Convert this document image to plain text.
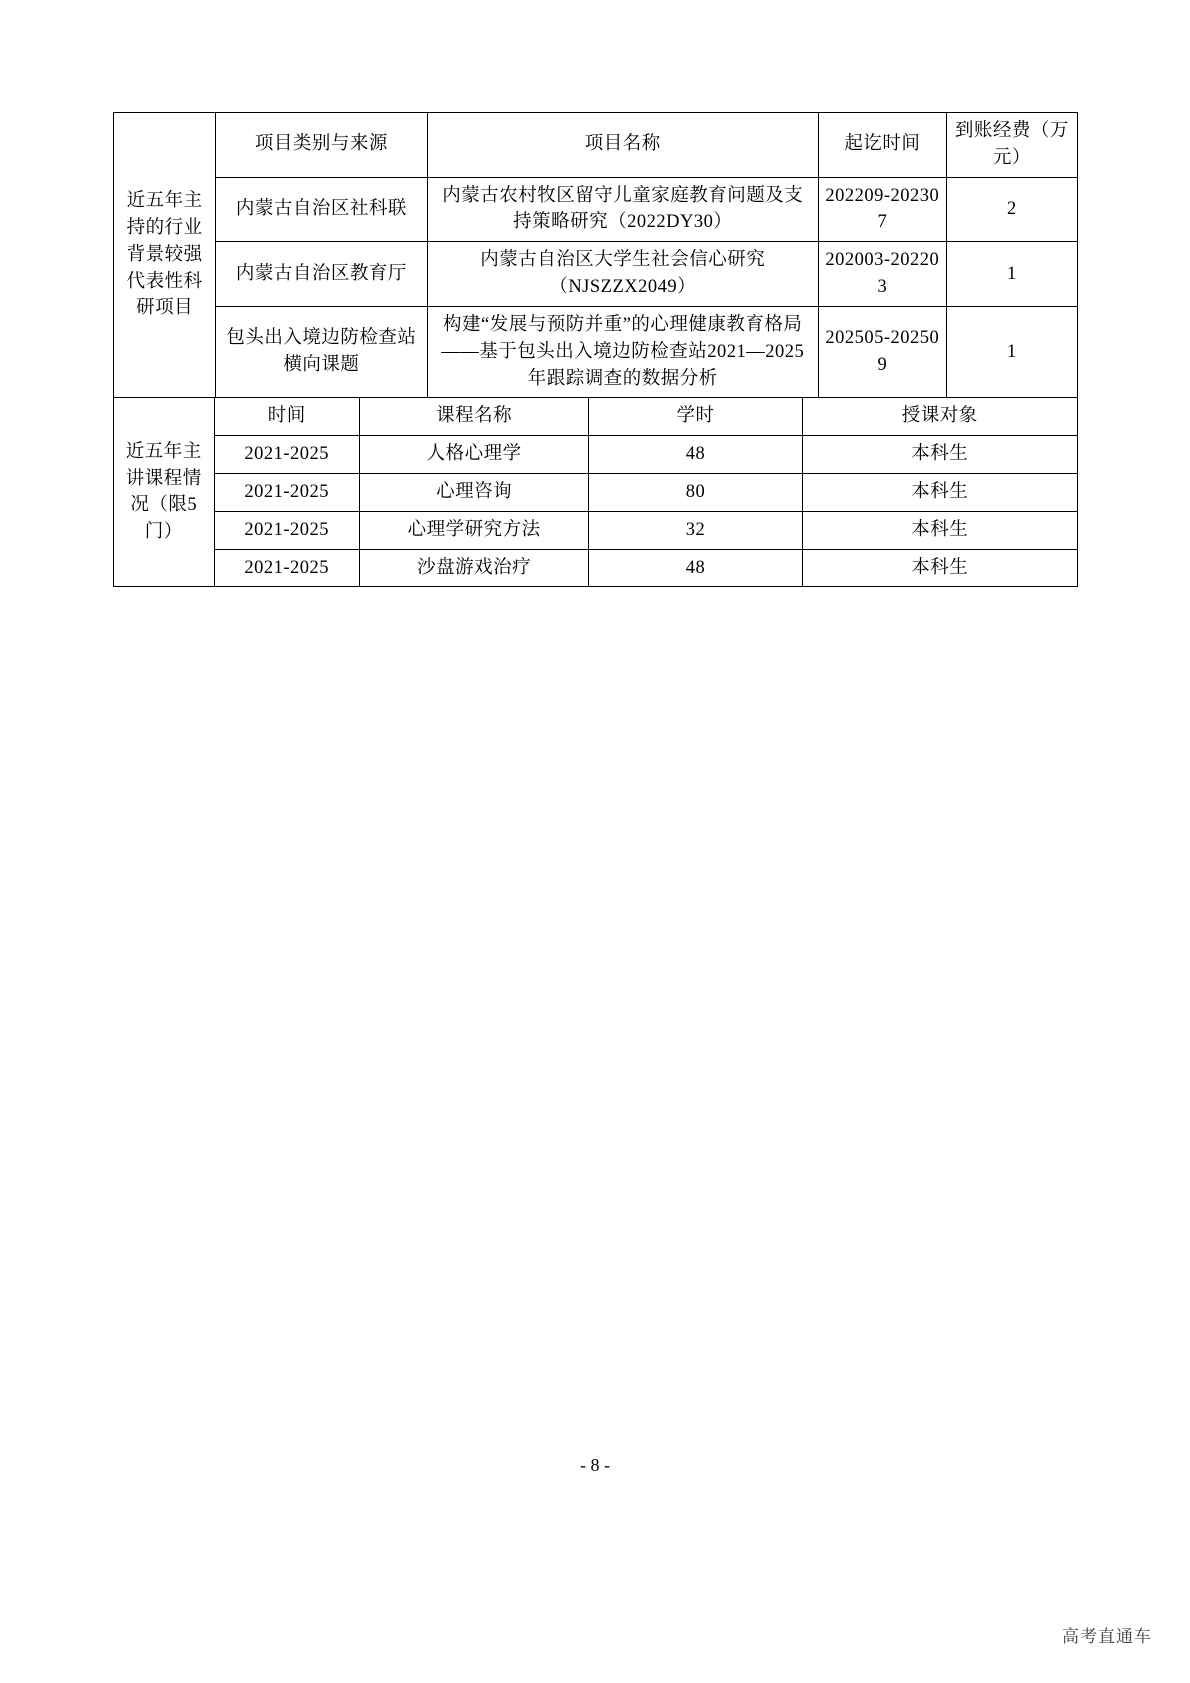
近五年主持的行业背景较强代表性科研项目	项目类别与来源	项目名称	起讫时间	到账经费（万元）
	内蒙古自治区社科联	内蒙古农村牧区留守儿童家庭教育问题及支持策略研究（2022DY30）	202209-202307	2
	内蒙古自治区教育厅	内蒙古自治区大学生社会信心研究（NJSZZX2049）	202003-202203	1
	包头出入境边防检查站横向课题	构建“发展与预防并重”的心理健康教育格局——基于包头出入境边防检查站2021—2025年跟踪调查的数据分析	202505-202509	1
近五年主讲课程情况（限5门）	时间	课程名称	学时	授课对象
	2021-2025	人格心理学	48	本科生
	2021-2025	心理咨询	80	本科生
	2021-2025	心理学研究方法	32	本科生
	2021-2025	沙盘游戏治疗	48	本科生
- 8 -
高考直通车
